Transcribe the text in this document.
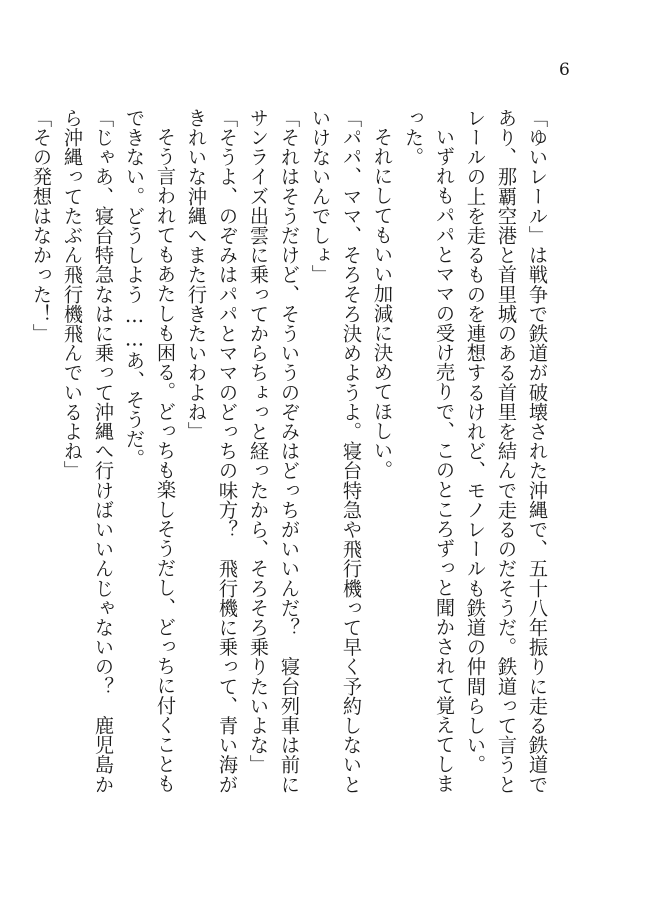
6

「ゆいレール」は戦争で鉄道が破壊された沖縄で、五十八年振りに走る鉄道であり、那覇空港と首里城のある首里を結んで走るのだそうだ。鉄道って言うとレールの上を走るものを連想するけれど、モノレールも鉄道の仲間らしい。

いずれもパパとママの受け売りで、このところずっと聞かされて覚えてしまった。

それにしてもいい加減に決めてほしい。

「パパ、ママ、そろそろ決めようよ。寝台特急や飛行機って早く予約しないといけないんでしょ」

「それはそうだけど、そういうのぞみはどっちがいいんだ？　寝台列車は前にサンライズ出雲に乗ってからちょっと経ったから、そろそろ乗りたいよな」

「そうよ、のぞみはパパとママのどっちの味方？　飛行機に乗って、青い海がきれいな沖縄へまた行きたいわよね」

そう言われてもあたしも困る。どっちも楽しそうだし、どっちに付くこともできない。どうしよう……あ、そうだ。

「じゃあ、寝台特急なはに乗って沖縄へ行けばいいんじゃないの？　鹿児島から沖縄ってたぶん飛行機飛んでいるよね」

「その発想はなかった！」
